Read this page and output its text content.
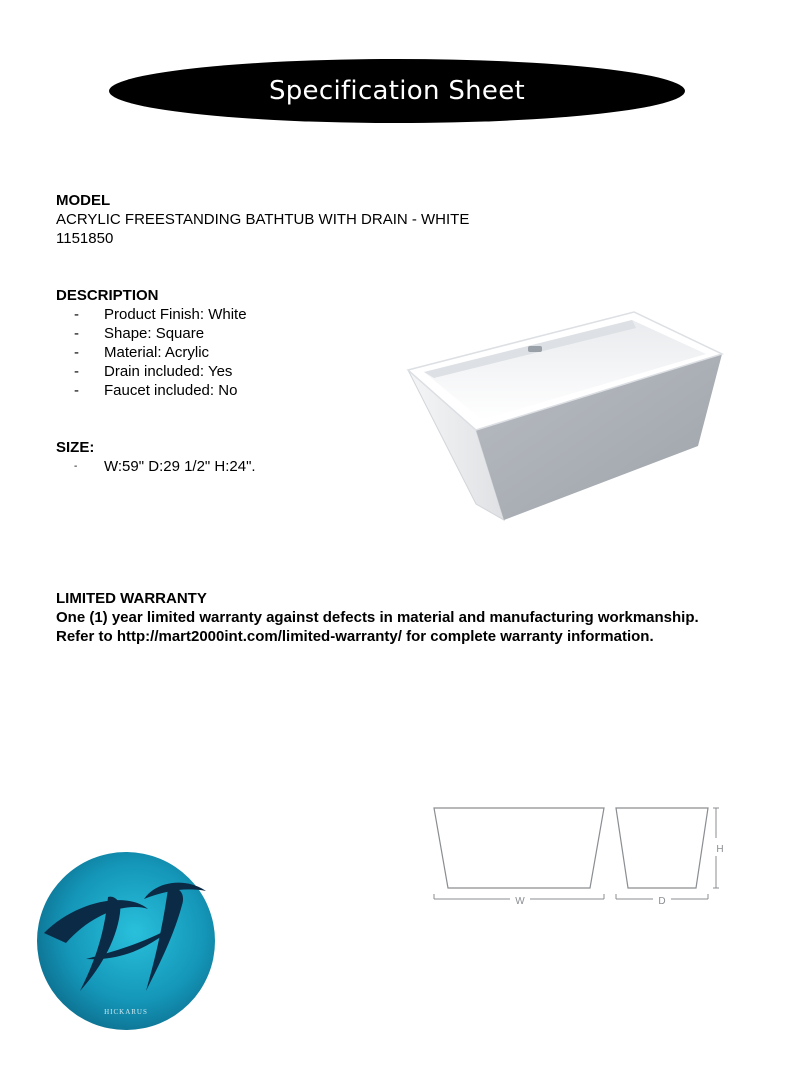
Specification Sheet
MODEL
ACRYLIC FREESTANDING BATHTUB WITH DRAIN - WHITE
1151850
DESCRIPTION
- Product Finish: White
- Shape: Square
- Material: Acrylic
- Drain included: Yes
- Faucet included: No
SIZE:
- W:59" D:29 1/2" H:24".
LIMITED WARRANTY
One (1) year limited warranty against defects in material and manufacturing workmanship.
Refer to http://mart2000int.com/limited-warranty/ for complete warranty information.
W	D
H
HICKARUS
